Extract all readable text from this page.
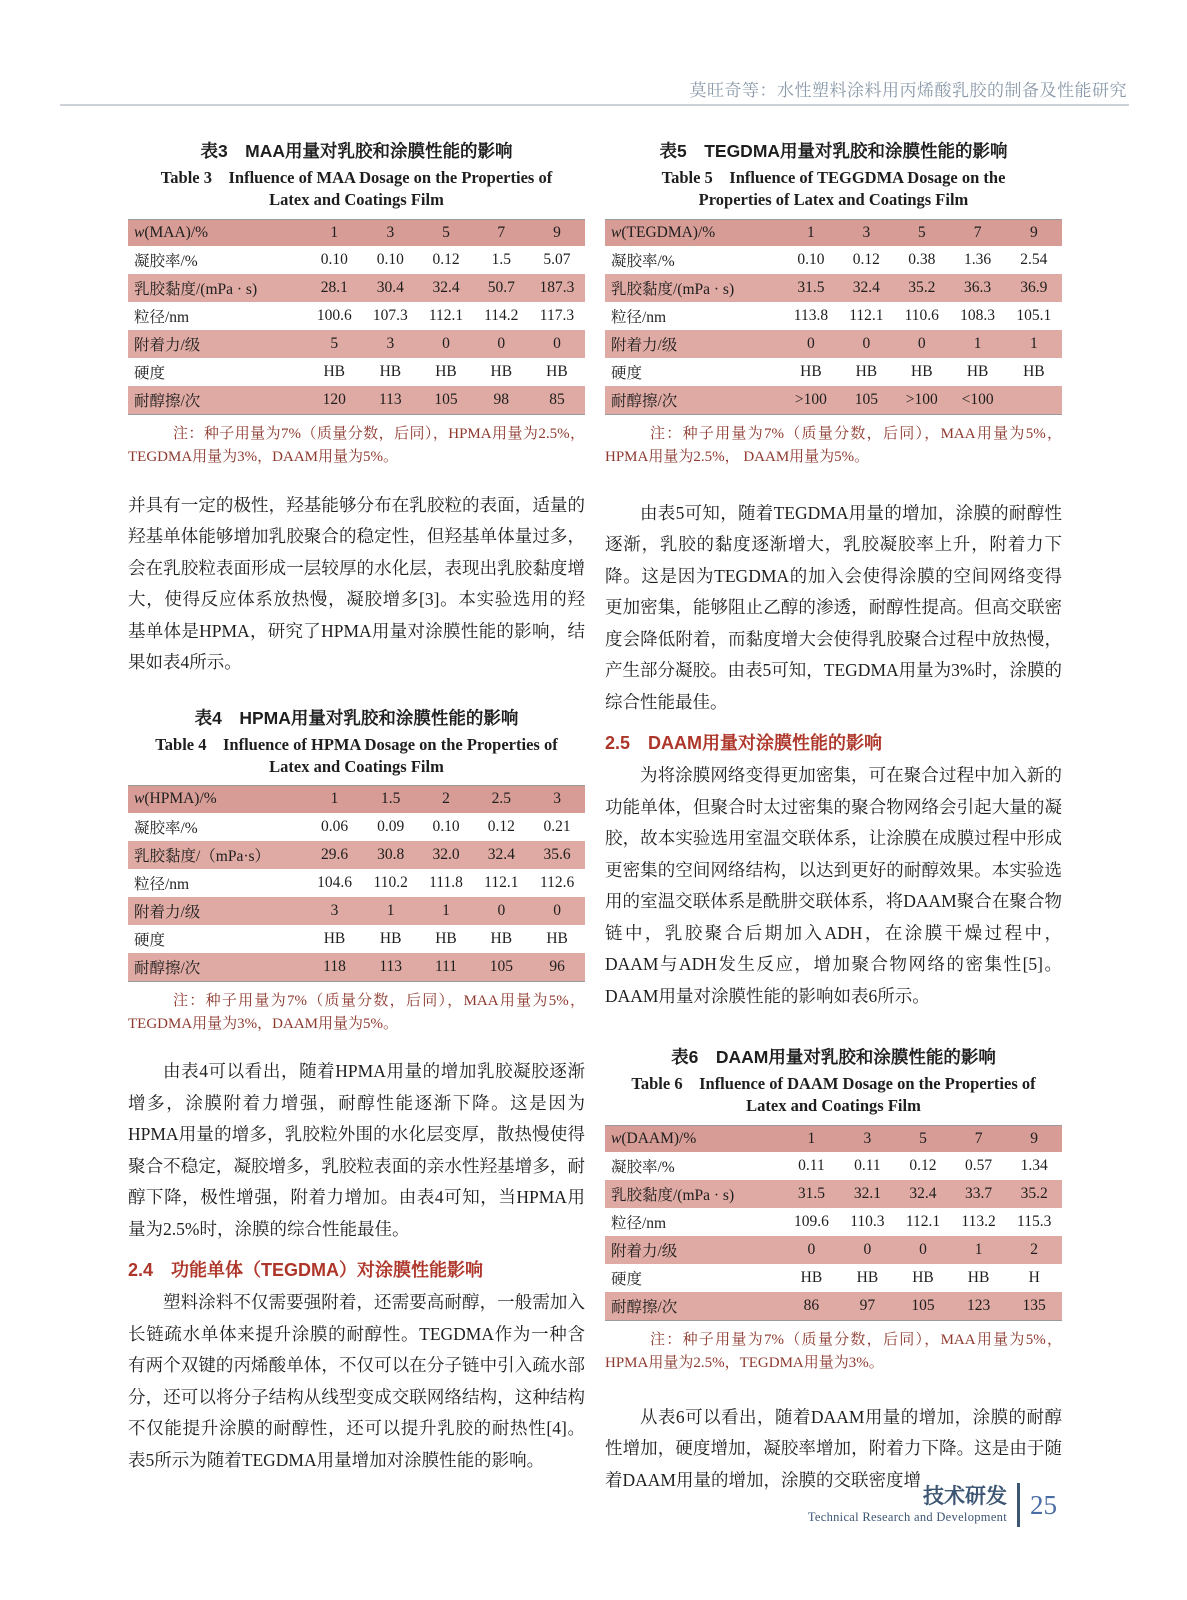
莫旺奇等：水性塑料涂料用丙烯酸乳胶的制备及性能研究
表3　MAA用量对乳胶和涂膜性能的影响
Table 3　Influence of MAA Dosage on the Properties of
Latex and Coatings Film
w(MAA)/%	1	3	5	7	9
凝胶率/%	0.10	0.10	0.12	1.5	5.07
乳胶黏度/(mPa · s)	28.1	30.4	32.4	50.7	187.3
粒径/nm	100.6	107.3	112.1	114.2	117.3
附着力/级	5	3	0	0	0
硬度	HB	HB	HB	HB	HB
耐醇擦/次	120	113	105	98	85
注：种子用量为7%（质量分数，后同），HPMA用量为2.5%，TEGDMA用量为3%，DAAM用量为5%。
并具有一定的极性，羟基能够分布在乳胶粒的表面，适量的羟基单体能够增加乳胶聚合的稳定性，但羟基单体量过多，会在乳胶粒表面形成一层较厚的水化层，表现出乳胶黏度增大，使得反应体系放热慢，凝胶增多[3]。本实验选用的羟基单体是HPMA，研究了HPMA用量对涂膜性能的影响，结果如表4所示。
表4　HPMA用量对乳胶和涂膜性能的影响
Table 4　Influence of HPMA Dosage on the Properties of
Latex and Coatings Film
w(HPMA)/%	1	1.5	2	2.5	3
凝胶率/%	0.06	0.09	0.10	0.12	0.21
乳胶黏度/（mPa·s）	29.6	30.8	32.0	32.4	35.6
粒径/nm	104.6	110.2	111.8	112.1	112.6
附着力/级	3	1	1	0	0
硬度	HB	HB	HB	HB	HB
耐醇擦/次	118	113	111	105	96
注：种子用量为7%（质量分数，后同），MAA用量为5%，TEGDMA用量为3%，DAAM用量为5%。
由表4可以看出，随着HPMA用量的增加乳胶凝胶逐渐增多，涂膜附着力增强，耐醇性能逐渐下降。这是因为HPMA用量的增多，乳胶粒外围的水化层变厚，散热慢使得聚合不稳定，凝胶增多，乳胶粒表面的亲水性羟基增多，耐醇下降，极性增强，附着力增加。由表4可知，当HPMA用量为2.5%时，涂膜的综合性能最佳。
2.4　功能单体（TEGDMA）对涂膜性能影响
塑料涂料不仅需要强附着，还需要高耐醇，一般需加入长链疏水单体来提升涂膜的耐醇性。TEGDMA作为一种含有两个双键的丙烯酸单体，不仅可以在分子链中引入疏水部分，还可以将分子结构从线型变成交联网络结构，这种结构不仅能提升涂膜的耐醇性，还可以提升乳胶的耐热性[4]。表5所示为随着TEGDMA用量增加对涂膜性能的影响。
表5　TEGDMA用量对乳胶和涂膜性能的影响
Table 5　Influence of TEGGDMA Dosage on the
Properties of Latex and Coatings Film
w(TEGDMA)/%	1	3	5	7	9
凝胶率/%	0.10	0.12	0.38	1.36	2.54
乳胶黏度/(mPa · s)	31.5	32.4	35.2	36.3	36.9
粒径/nm	113.8	112.1	110.6	108.3	105.1
附着力/级	0	0	0	1	1
硬度	HB	HB	HB	HB	HB
耐醇擦/次	>100	105	>100	<100	
注：种子用量为7%（质量分数，后同），MAA用量为5%，HPMA用量为2.5%， DAAM用量为5%。
由表5可知，随着TEGDMA用量的增加，涂膜的耐醇性逐渐，乳胶的黏度逐渐增大，乳胶凝胶率上升，附着力下降。这是因为TEGDMA的加入会使得涂膜的空间网络变得更加密集，能够阻止乙醇的渗透，耐醇性提高。但高交联密度会降低附着，而黏度增大会使得乳胶聚合过程中放热慢，产生部分凝胶。由表5可知，TEGDMA用量为3%时，涂膜的综合性能最佳。
2.5　DAAM用量对涂膜性能的影响
为将涂膜网络变得更加密集，可在聚合过程中加入新的功能单体，但聚合时太过密集的聚合物网络会引起大量的凝胶，故本实验选用室温交联体系，让涂膜在成膜过程中形成更密集的空间网络结构，以达到更好的耐醇效果。本实验选用的室温交联体系是酰肼交联体系，将DAAM聚合在聚合物链中，乳胶聚合后期加入ADH，在涂膜干燥过程中，DAAM与ADH发生反应，增加聚合物网络的密集性[5]。DAAM用量对涂膜性能的影响如表6所示。
表6　DAAM用量对乳胶和涂膜性能的影响
Table 6　Influence of DAAM Dosage on the Properties of
Latex and Coatings Film
w(DAAM)/%	1	3	5	7	9
凝胶率/%	0.11	0.11	0.12	0.57	1.34
乳胶黏度/(mPa · s)	31.5	32.1	32.4	33.7	35.2
粒径/nm	109.6	110.3	112.1	113.2	115.3
附着力/级	0	0	0	1	2
硬度	HB	HB	HB	HB	H
耐醇擦/次	86	97	105	123	135
注：种子用量为7%（质量分数，后同），MAA用量为5%，HPMA用量为2.5%，TEGDMA用量为3%。
从表6可以看出，随着DAAM用量的增加，涂膜的耐醇性增加，硬度增加，凝胶率增加，附着力下降。这是由于随着DAAM用量的增加，涂膜的交联密度增
技术研发
Technical Research and Development 25
